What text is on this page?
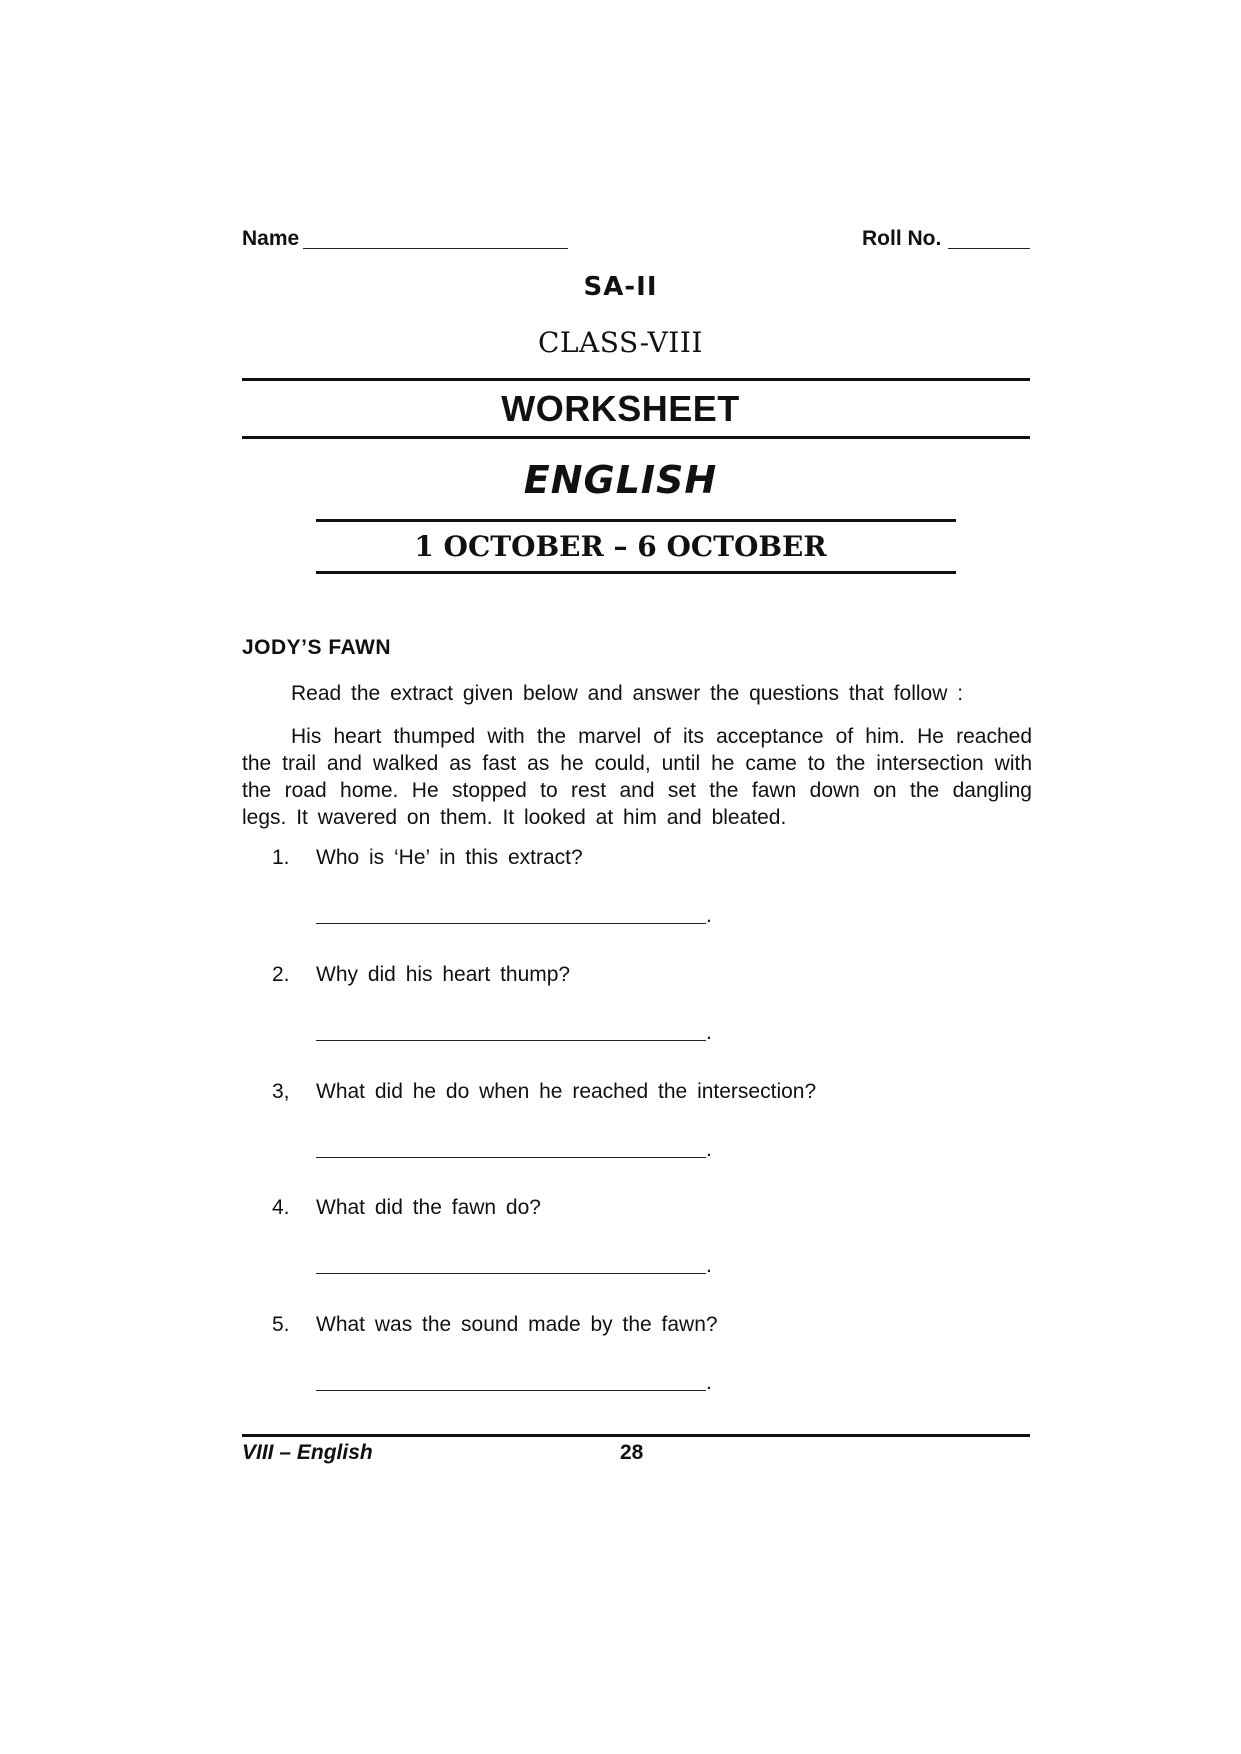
Name	Roll No.
SA-II
CLASS-VIII
WORKSHEET
ENGLISH
1 OCTOBER – 6 OCTOBER
JODY’S FAWN
Read the extract given below and answer the questions that follow :
His heart thumped with the marvel of its acceptance of him. He reached the trail and walked as fast as he could, until he came to the intersection with the road home. He stopped to rest and set the fawn down on the dangling legs. It wavered on them. It looked at him and bleated.
1. Who is ‘He’ in this extract?
.
2. Why did his heart thump?
.
3, What did he do when he reached the intersection?
.
4. What did the fawn do?
.
5. What was the sound made by the fawn?
.
VIII – English	28
